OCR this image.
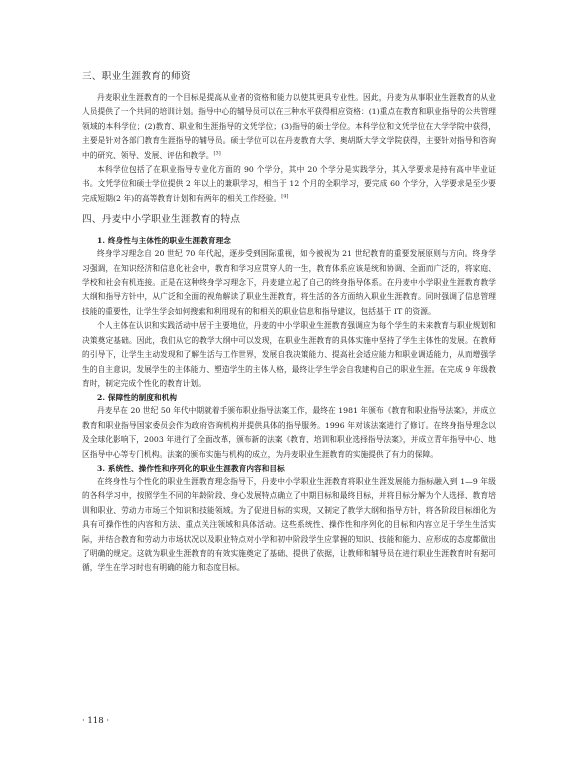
三、职业生涯教育的师资

丹麦职业生涯教育的一个目标是提高从业者的资格和能力以使其更具专业性。因此，丹麦为从事职业生涯教育的从业人员提供了一个共同的培训计划。指导中心的辅导员可以在三种水平获得相应资格：(1)重点在教育和职业指导的公共管理领域的本科学位；(2)教育、职业和生涯指导的文凭学位；(3)指导的硕士学位。本科学位和文凭学位在大学学院中获得，主要是针对各部门教育生涯指导的辅导员。硕士学位可以在丹麦教育大学、奥胡斯大学文学院获得，主要针对指导和咨询中的研究、领导、发展、评估和教学。[3]

本科学位包括了在职业指导专业化方面的 90 个学分，其中 20 个学分是实践学分，其入学要求是持有高中毕业证书。文凭学位和硕士学位提供 2 年以上的兼职学习，相当于 12 个月的全职学习，要完成 60 个学分，入学要求是至少要完成短期(2 年)的高等教育计划和有两年的相关工作经验。[4]

四、丹麦中小学职业生涯教育的特点

1. 终身性与主体性的职业生涯教育理念

终身学习理念自 20 世纪 70 年代起，逐步受到国际重视，如今被视为 21 世纪教育的重要发展原则与方向。终身学习强调，在知识经济和信息化社会中，教育和学习应贯穿人的一生，教育体系应该是统和协调、全面而广泛的，将家庭、学校和社会有机连接。正是在这种终身学习理念下，丹麦建立起了自己的终身指导体系。在丹麦中小学职业生涯教育教学大纲和指导方针中，从广泛和全面的视角解读了职业生涯教育，将生活的各方面纳入职业生涯教育。同时强调了信息管理技能的重要性，让学生学会如何搜索和利用现有的和相关的职业信息和指导建议，包括基于 IT 的资源。

个人主体在认识和实践活动中居于主要地位，丹麦的中小学职业生涯教育强调应为每个学生的未来教育与职业规划和决策奠定基础。因此，我们从它的教学大纲中可以发现，在职业生涯教育的具体实施中坚持了学生主体性的发展。在教师的引导下，让学生主动发现和了解生活与工作世界，发展自我决策能力、提高社会适应能力和职业调适能力，从而增强学生的自主意识，发展学生的主体能力、塑造学生的主体人格，最终让学生学会自我建构自己的职业生涯。在完成 9 年级教育时，制定完成个性化的教育计划。

2. 保障性的制度和机构

丹麦早在 20 世纪 50 年代中期就着手颁布职业指导法案工作，最终在 1981 年颁布《教育和职业指导法案》，并成立教育和职业指导国家委员会作为政府咨询机构并提供具体的指导服务。1996 年对该法案进行了修订。在终身指导理念以及全球化影响下，2003 年进行了全面改革，颁布新的法案《教育、培训和职业选择指导法案》，并成立青年指导中心、地区指导中心等专门机构。法案的颁布实施与机构的成立，为丹麦职业生涯教育的实施提供了有力的保障。

3. 系统性、操作性和序列化的职业生涯教育内容和目标

在终身性与个性化的职业生涯教育理念指导下，丹麦中小学职业生涯教育将职业生涯发展能力指标融入到 1—9 年级的各科学习中，按照学生不同的年龄阶段、身心发展特点确立了中期目标和最终目标，并将目标分解为个人选择、教育培训和职业、劳动力市场三个知识和技能领域。为了促进目标的实现，又制定了教学大纲和指导方针，将各阶段目标细化为具有可操作性的内容和方法、重点关注领域和具体活动。这些系统性、操作性和序列化的目标和内容立足于学生生活实际，并结合教育和劳动力市场状况以及职业特点对小学和初中阶段学生应掌握的知识、技能和能力、应形成的态度都做出了明确的规定。这就为职业生涯教育的有效实施奠定了基础、提供了依据，让教师和辅导员在进行职业生涯教育时有据可循，学生在学习时也有明确的能力和态度目标。

· 118 ·
